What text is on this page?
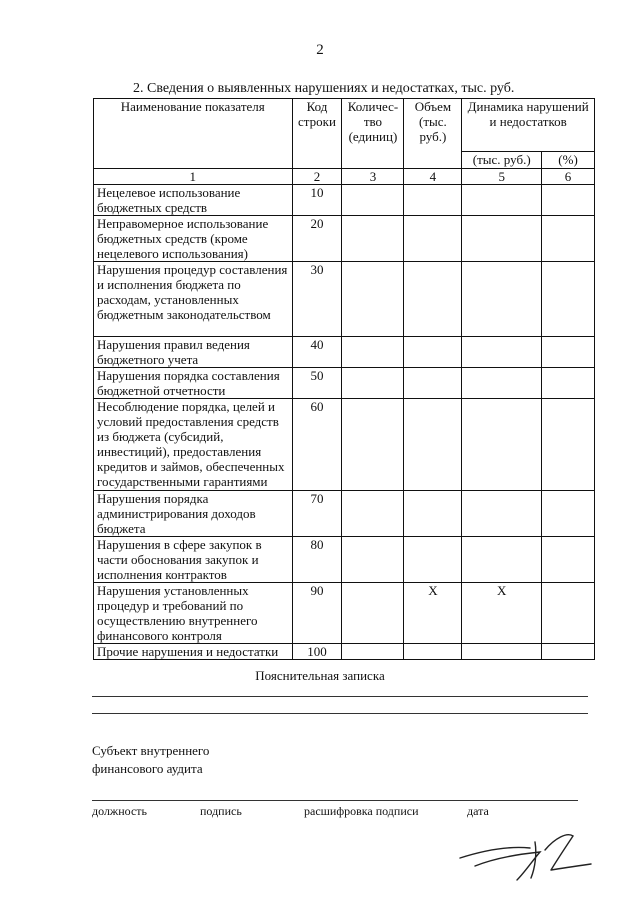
2
2. Сведения о выявленных нарушениях и недостатках, тыс. руб.
Наименование показателя	Код строки	Количес-тво (единиц)	Объем (тыс. руб.)	Динамика нарушений и недостатков	
				(тыс. руб.)	(%)
1	2	3	4	5	6
Нецелевое использование бюджетных средств	10				
Неправомерное использование бюджетных средств (кроме нецелевого использования)	20				
Нарушения процедур составления и исполнения бюджета по расходам, установленных бюджетным законодательством	30				
Нарушения правил ведения бюджетного учета	40				
Нарушения порядка составления бюджетной отчетности	50				
Несоблюдение порядка, целей и условий предоставления средств из бюджета (субсидий, инвестиций), предоставления кредитов и займов, обеспеченных государственными гарантиями	60				
Нарушения порядка администрирования доходов бюджета	70				
Нарушения в сфере закупок в части обоснования закупок и исполнения контрактов	80				
Нарушения установленных процедур и требований по осуществлению внутреннего финансового контроля	90		Х	Х	
Прочие нарушения и недостатки	100				
Пояснительная записка
Субъект внутреннего
финансового аудита
должность	подпись	расшифровка подписи	дата
